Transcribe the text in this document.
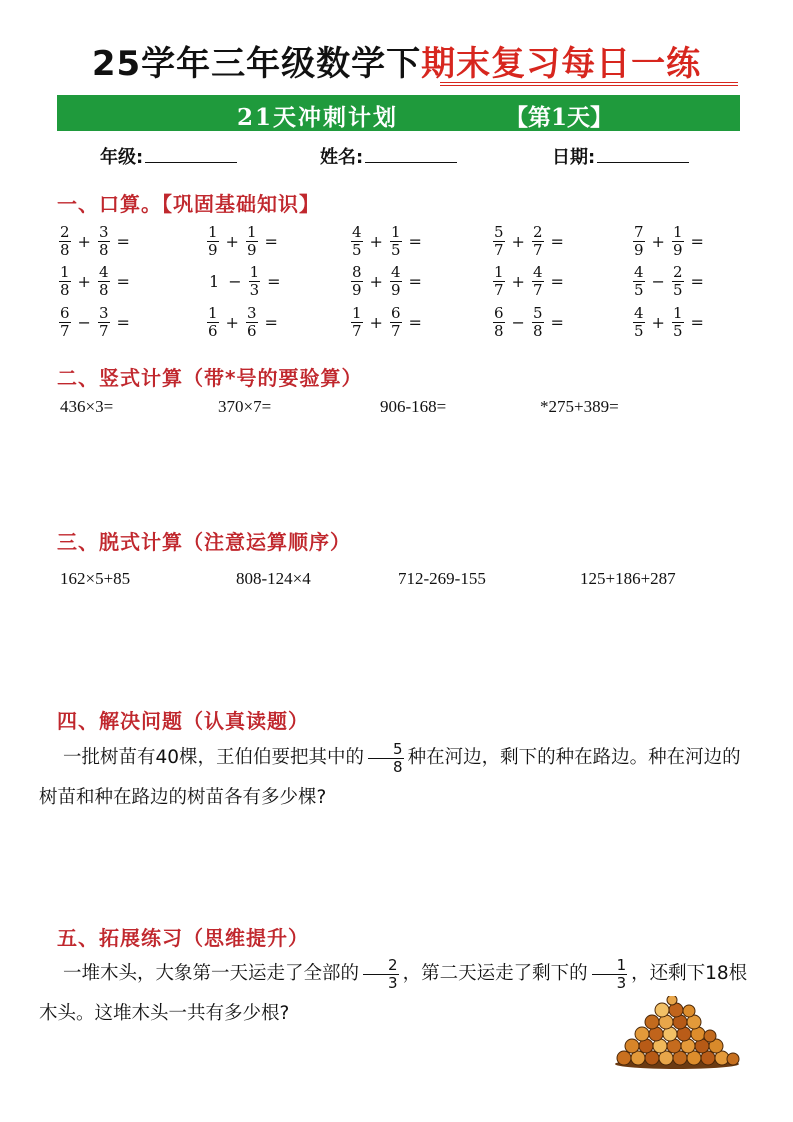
25学年三年级数学下期末复习每日一练
21天冲刺计划	【第1天】
年级:	姓名:	日期:
一、口算。【巩固基础知识】
$\frac{2}{8} + \frac{3}{8}$ =	$\frac{1}{9} + \frac{1}{9}$ =	$\frac{4}{5} + \frac{1}{5}$ =	$\frac{5}{7} + \frac{2}{7}$ =	$\frac{7}{9} + \frac{1}{9}$ =
$\frac{1}{8} + \frac{4}{8}$ =	$1 - \frac{1}{3}$ =	$\frac{8}{9} + \frac{4}{9}$ =	$\frac{1}{7} + \frac{4}{7}$ =	$\frac{4}{5} - \frac{2}{5}$ =
$\frac{6}{7} - \frac{3}{7}$ =	$\frac{1}{6} + \frac{3}{6}$ =	$\frac{1}{7} + \frac{6}{7}$ =	$\frac{6}{8} - \frac{5}{8}$ =	$\frac{4}{5} + \frac{1}{5}$ =
二、竖式计算（带*号的要验算）
436×3=	370×7=	906-168=	*275+389=
三、脱式计算（注意运算顺序）
162×5+85	808-124×4	712-269-155	125+186+287
四、解决问题（认真读题）
一批树苗有40棵，王伯伯要把其中的 $\frac{5}{8}$ 种在河边，剩下的种在路边。种在河边的树苗和种在路边的树苗各有多少棵?
五、拓展练习（思维提升）
一堆木头，大象第一天运走了全部的 $\frac{2}{3}$ ，第二天运走了剩下的 $\frac{1}{3}$ ，还剩下18根木头。这堆木头一共有多少根?
